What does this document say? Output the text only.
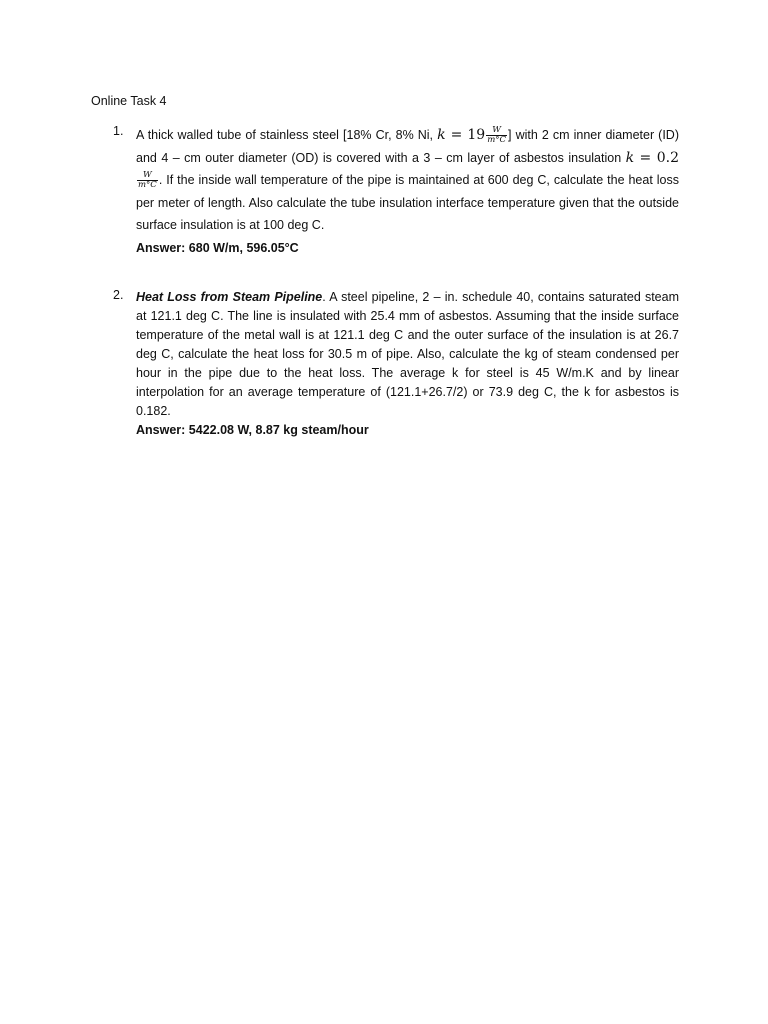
Online Task 4
1.	A thick walled tube of stainless steel [18% Cr, 8% Ni, $k = 19 \frac{W}{m^\circ C}$ ] with 2 cm inner diameter (ID) and 4 – cm outer diameter (OD) is covered with a 3 – cm layer of asbestos insulation k = 0.2
$\frac{W}{m^\circ C}$ . If the inside wall temperature of the pipe is maintained at 600 deg C, calculate the heat loss per meter of length. Also calculate the tube insulation interface temperature given that the outside surface insulation is at 100 deg C.
Answer: 680 W/m, 596.05°C
2.	Heat Loss from Steam Pipeline. A steel pipeline, 2 – in. schedule 40, contains saturated steam at 121.1 deg C. The line is insulated with 25.4 mm of asbestos. Assuming that the inside surface temperature of the metal wall is at 121.1 deg C and the outer surface of the insulation is at 26.7 deg C, calculate the heat loss for 30.5 m of pipe. Also, calculate the kg of steam condensed per hour in the pipe due to the heat loss. The average k for steel is 45 W/m.K and by linear interpolation for an average temperature of (121.1+26.7/2) or 73.9 deg C, the k for asbestos is 0.182.
Answer: 5422.08 W, 8.87 kg steam/hour
